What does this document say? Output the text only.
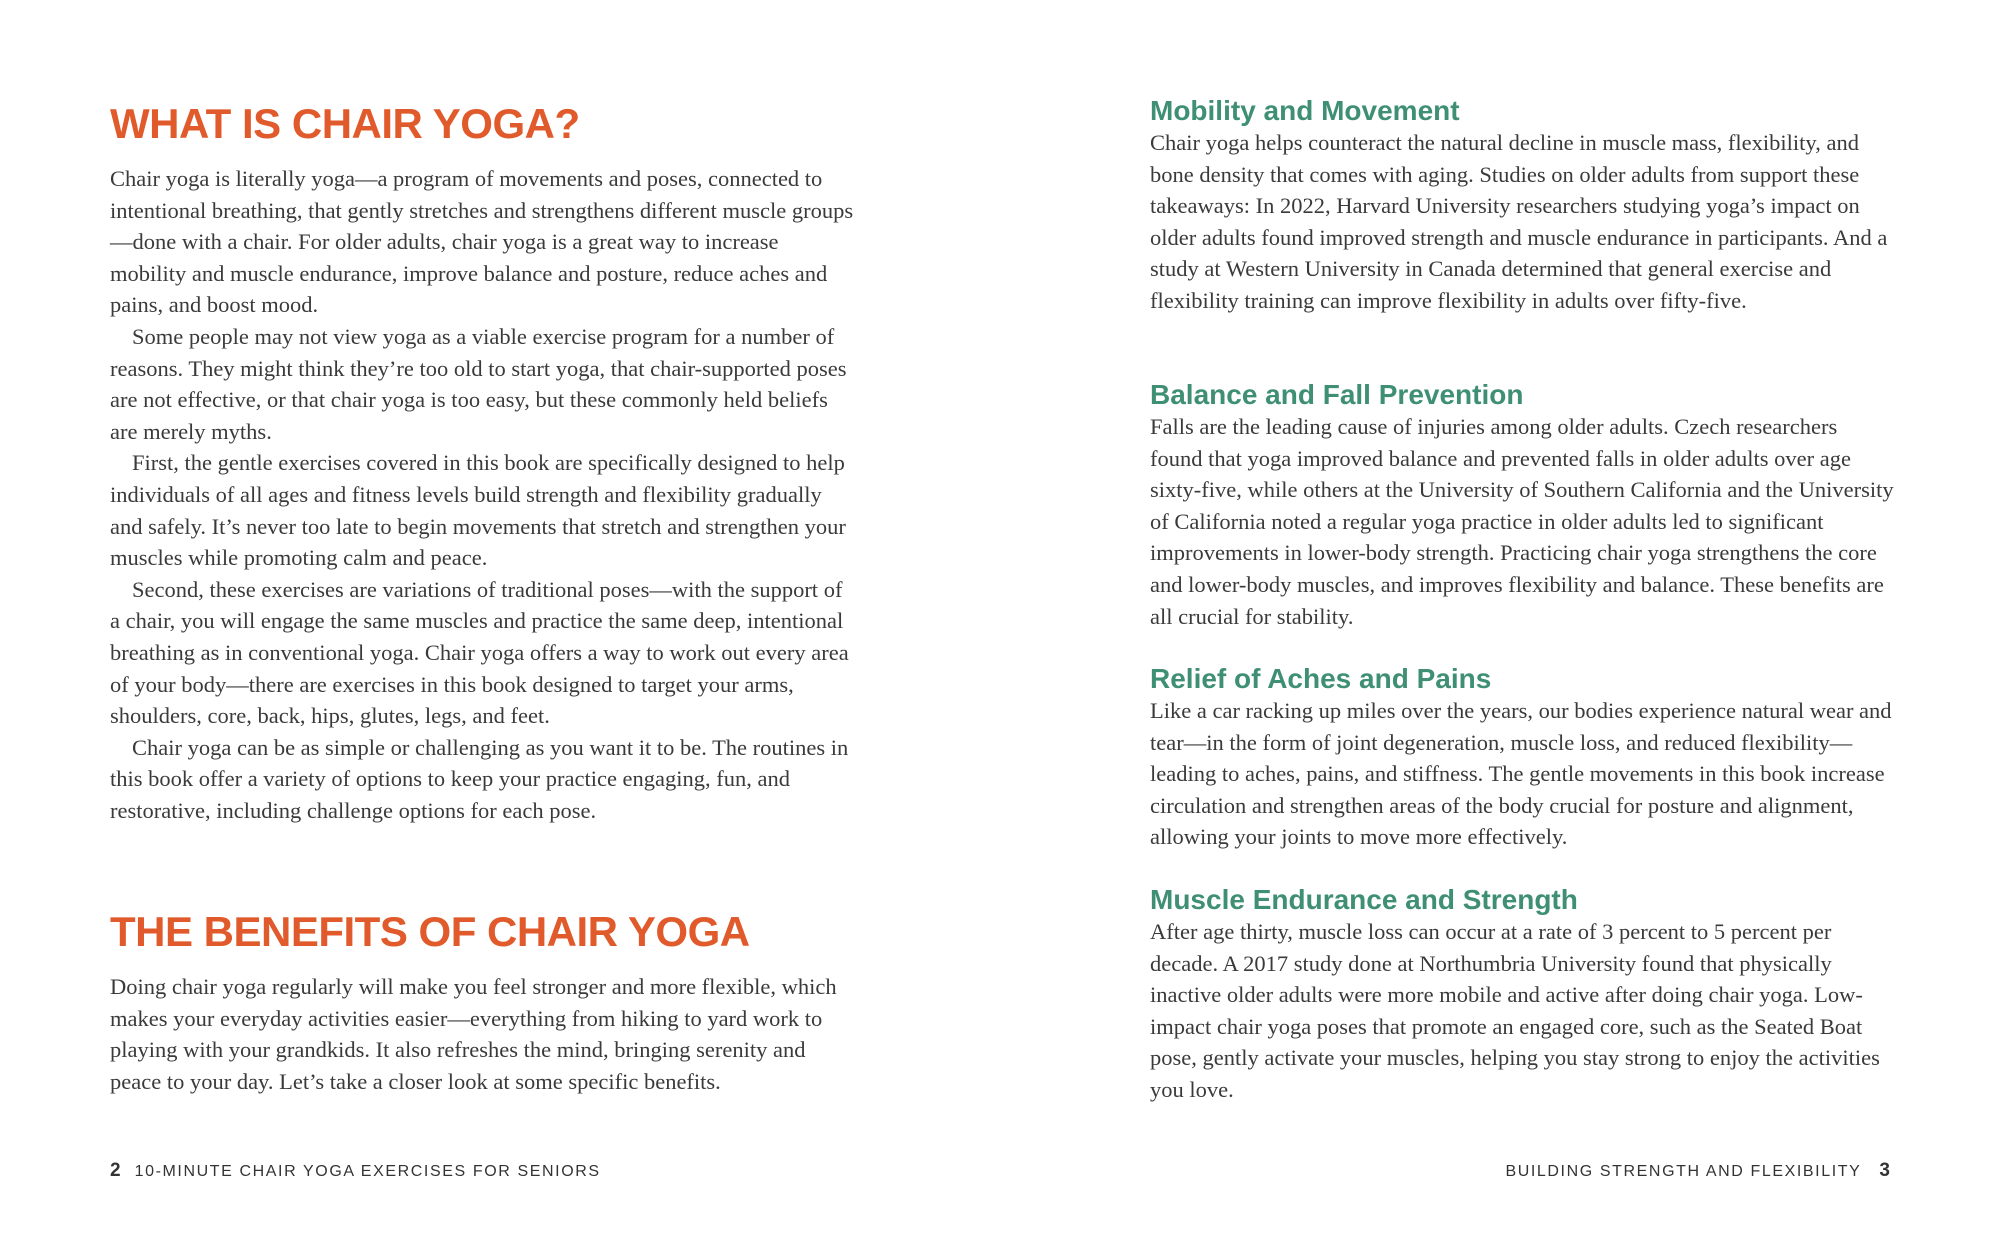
WHAT IS CHAIR YOGA?

Chair yoga is literally yoga—a program of movements and poses, connected to intentional breathing, that gently stretches and strengthens different muscle groups—done with a chair. For older adults, chair yoga is a great way to increase mobility and muscle endurance, improve balance and posture, reduce aches and pains, and boost mood.

Some people may not view yoga as a viable exercise program for a number of reasons. They might think they’re too old to start yoga, that chair-supported poses are not effective, or that chair yoga is too easy, but these commonly held beliefs are merely myths.

First, the gentle exercises covered in this book are specifically designed to help individuals of all ages and fitness levels build strength and flexibility gradually and safely. It’s never too late to begin movements that stretch and strengthen your muscles while promoting calm and peace.

Second, these exercises are variations of traditional poses—with the support of a chair, you will engage the same muscles and practice the same deep, intentional breathing as in conventional yoga. Chair yoga offers a way to work out every area of your body—there are exercises in this book designed to target your arms, shoulders, core, back, hips, glutes, legs, and feet.

Chair yoga can be as simple or challenging as you want it to be. The routines in this book offer a variety of options to keep your practice engaging, fun, and restorative, including challenge options for each pose.

THE BENEFITS OF CHAIR YOGA

Doing chair yoga regularly will make you feel stronger and more flexible, which makes your everyday activities easier—everything from hiking to yard work to playing with your grandkids. It also refreshes the mind, bringing serenity and peace to your day. Let’s take a closer look at some specific benefits.

2 10-MINUTE CHAIR YOGA EXERCISES FOR SENIORS
Mobility and Movement

Chair yoga helps counteract the natural decline in muscle mass, flexibility, and bone density that comes with aging. Studies on older adults from support these takeaways: In 2022, Harvard University researchers studying yoga’s impact on older adults found improved strength and muscle endurance in participants. And a study at Western University in Canada determined that general exercise and flexibility training can improve flexibility in adults over fifty-five.

Balance and Fall Prevention

Falls are the leading cause of injuries among older adults. Czech researchers found that yoga improved balance and prevented falls in older adults over age sixty-five, while others at the University of Southern California and the University of California noted a regular yoga practice in older adults led to significant improvements in lower-body strength. Practicing chair yoga strengthens the core and lower-body muscles, and improves flexibility and balance. These benefits are all crucial for stability.

Relief of Aches and Pains

Like a car racking up miles over the years, our bodies experience natural wear and tear—in the form of joint degeneration, muscle loss, and reduced flexibility—leading to aches, pains, and stiffness. The gentle movements in this book increase circulation and strengthen areas of the body crucial for posture and alignment, allowing your joints to move more effectively.

Muscle Endurance and Strength

After age thirty, muscle loss can occur at a rate of 3 percent to 5 percent per decade. A 2017 study done at Northumbria University found that physically inactive older adults were more mobile and active after doing chair yoga. Low-impact chair yoga poses that promote an engaged core, such as the Seated Boat pose, gently activate your muscles, helping you stay strong to enjoy the activities you love.

BUILDING STRENGTH AND FLEXIBILITY 3
